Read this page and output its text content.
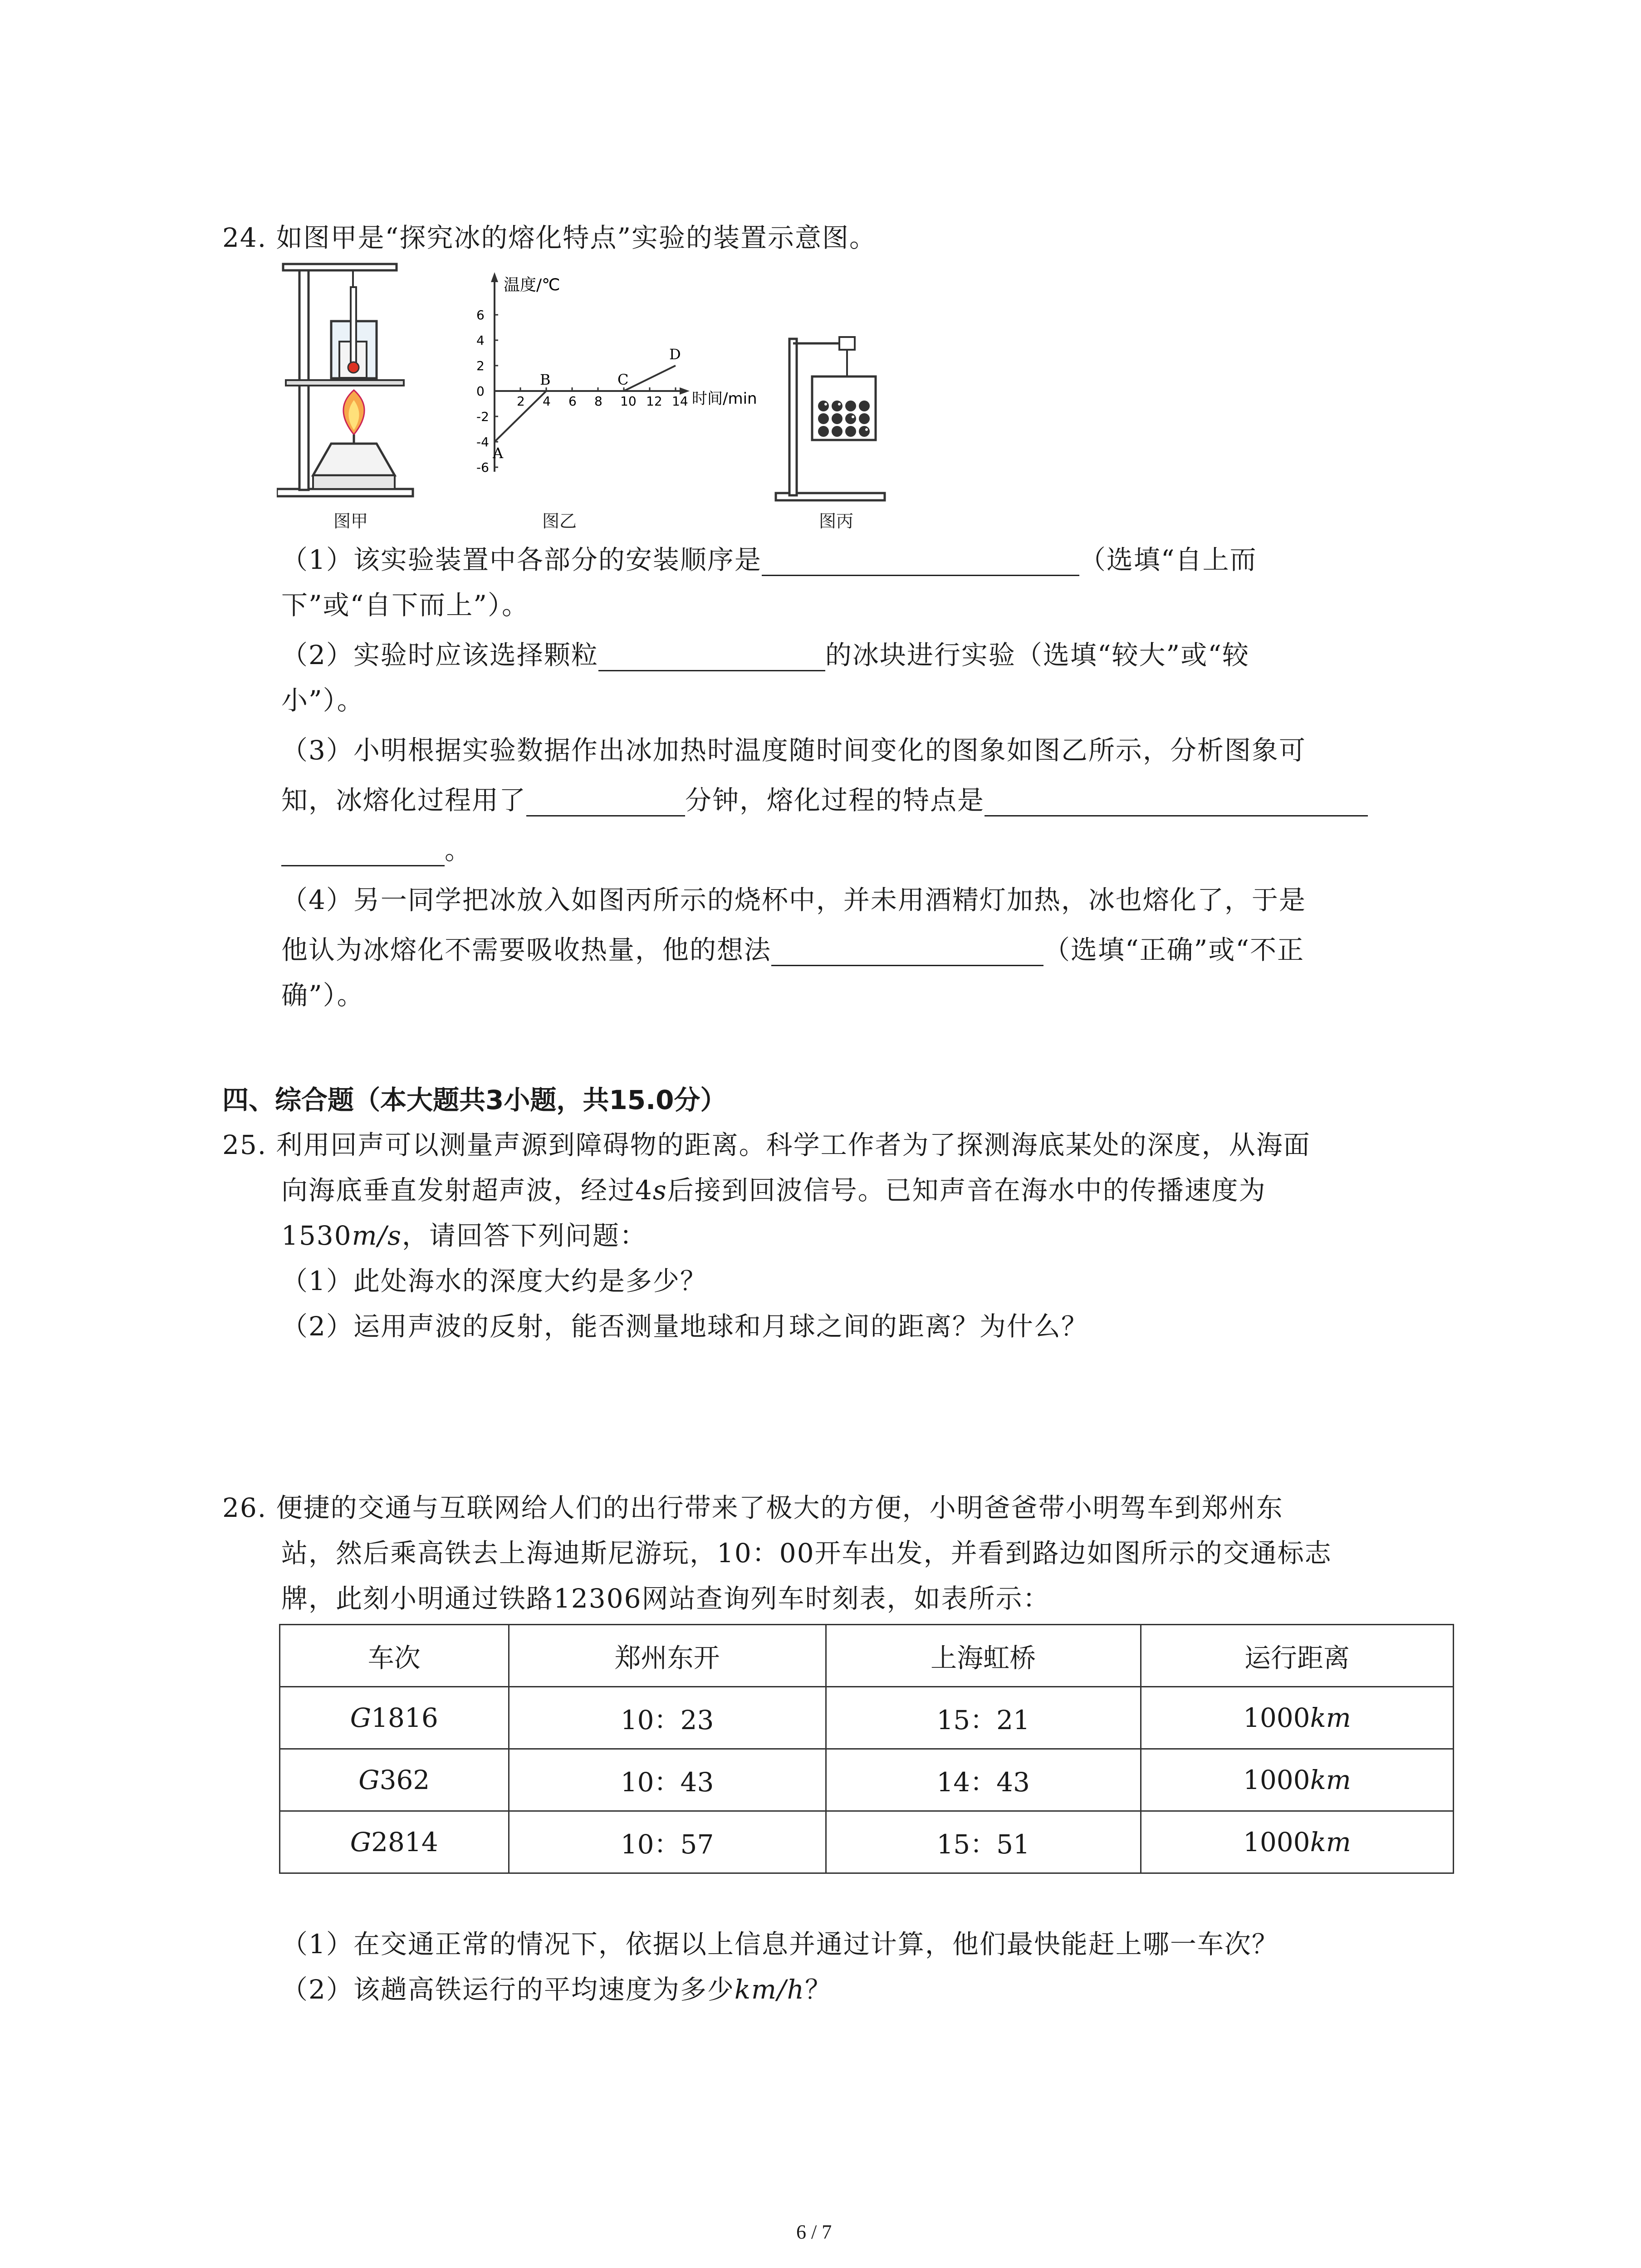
24. 如图甲是“探究冰的熔化特点”实验的装置示意图。
图甲
温度/℃
时间/min
2 4 6 8 10 12 14
6
4
2
0
-2
-4
-6
A
B	C
D
图乙	图丙
（1）该实验装置中各部分的安装顺序是	（选填“自上而
下”或“自下而上”）。
（2）实验时应该选择颗粒	的冰块进行实验（选填“较大”或“较
小”）。
（3）小明根据实验数据作出冰加热时温度随时间变化的图象如图乙所示，分析图象可
知，冰熔化过程用了	分钟，熔化过程的特点是
。
（4）另一同学把冰放入如图丙所示的烧杯中，并未用酒精灯加热，冰也熔化了，于是
他认为冰熔化不需要吸收热量，他的想法	（选填“正确”或“不正
确”）。
四、综合题（本大题共3小题，共15.0分）
25. 利用回声可以测量声源到障碍物的距离。科学工作者为了探测海底某处的深度，从海面
向海底垂直发射超声波，经过4s后接到回波信号。已知声音在海水中的传播速度为
1530m/s，请回答下列问题：
（1）此处海水的深度大约是多少？
（2）运用声波的反射，能否测量地球和月球之间的距离？为什么？
26. 便捷的交通与互联网给人们的出行带来了极大的方便，小明爸爸带小明驾车到郑州东
站，然后乘高铁去上海迪斯尼游玩，10：00开车出发，并看到路边如图所示的交通标志
牌，此刻小明通过铁路12306网站查询列车时刻表，如表所示：
车次	郑州东开	上海虹桥	运行距离
G1816	10：23	15：21	1000km
G362	10：43	14：43	1000km
G2814	10：57	15：51	1000km
（1）在交通正常的情况下，依据以上信息并通过计算，他们最快能赶上哪一车次？
（2）该趟高铁运行的平均速度为多少km/h？
6 / 7
